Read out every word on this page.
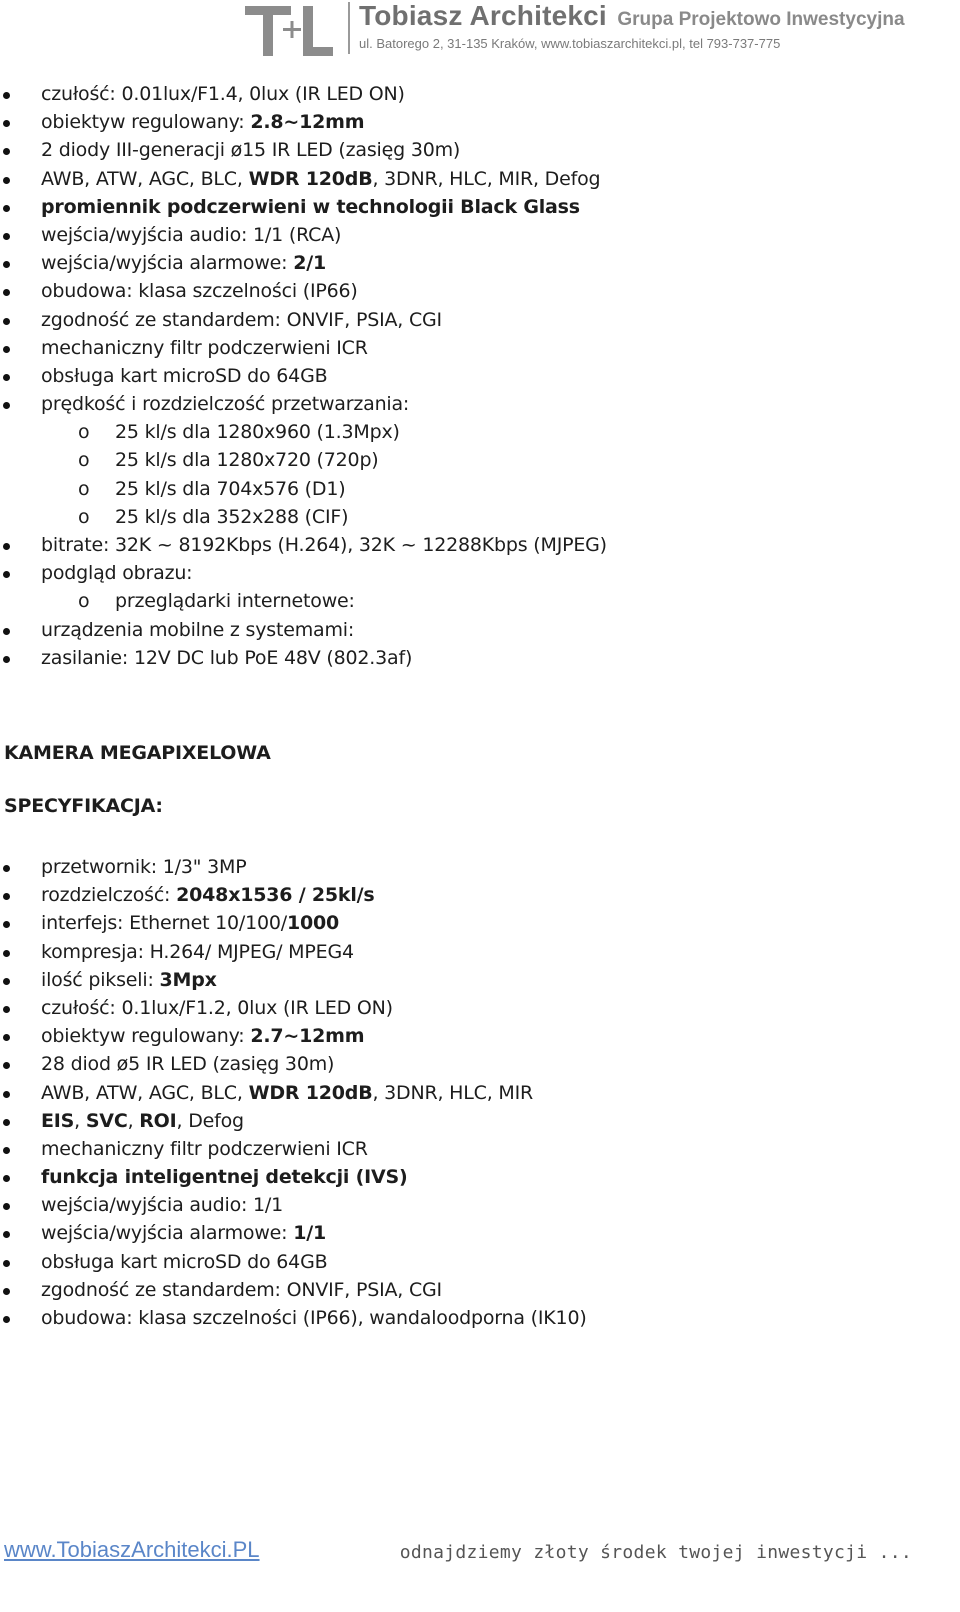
Tobiasz Architekci Grupa Projektowo Inwestycyjna
ul. Batorego 2, 31-135 Kraków, www.tobiaszarchitekci.pl, tel 793-737-775
czułość: 0.01lux/F1.4, 0lux (IR LED ON)
obiektyw regulowany: 2.8~12mm
2 diody III-generacji ø15 IR LED (zasięg 30m)
AWB, ATW, AGC, BLC, WDR 120dB, 3DNR, HLC, MIR, Defog
promiennik podczerwieni w technologii Black Glass
wejścia/wyjścia audio: 1/1 (RCA)
wejścia/wyjścia alarmowe: 2/1
obudowa: klasa szczelności (IP66)
zgodność ze standardem: ONVIF, PSIA, CGI
mechaniczny filtr podczerwieni ICR
obsługa kart microSD do 64GB
prędkość i rozdzielczość przetwarzania:
o 25 kl/s dla 1280x960 (1.3Mpx)
o 25 kl/s dla 1280x720 (720p)
o 25 kl/s dla 704x576 (D1)
o 25 kl/s dla 352x288 (CIF)
bitrate: 32K ~ 8192Kbps (H.264), 32K ~ 12288Kbps (MJPEG)
podgląd obrazu:
o przeglądarki internetowe:
urządzenia mobilne z systemami:
zasilanie: 12V DC lub PoE 48V (802.3af)
KAMERA MEGAPIXELOWA
SPECYFIKACJA:
przetwornik: 1/3" 3MP
rozdzielczość: 2048x1536 / 25kl/s
interfejs: Ethernet 10/100/1000
kompresja: H.264/ MJPEG/ MPEG4
ilość pikseli: 3Mpx
czułość: 0.1lux/F1.2, 0lux (IR LED ON)
obiektyw regulowany: 2.7~12mm
28 diod ø5 IR LED (zasięg 30m)
AWB, ATW, AGC, BLC, WDR 120dB, 3DNR, HLC, MIR
EIS, SVC, ROI, Defog
mechaniczny filtr podczerwieni ICR
funkcja inteligentnej detekcji (IVS)
wejścia/wyjścia audio: 1/1
wejścia/wyjścia alarmowe: 1/1
obsługa kart microSD do 64GB
zgodność ze standardem: ONVIF, PSIA, CGI
obudowa: klasa szczelności (IP66), wandaloodporna (IK10)
www.TobiaszArchitekci.PL	odnajdziemy złoty środek twojej inwestycji ...
